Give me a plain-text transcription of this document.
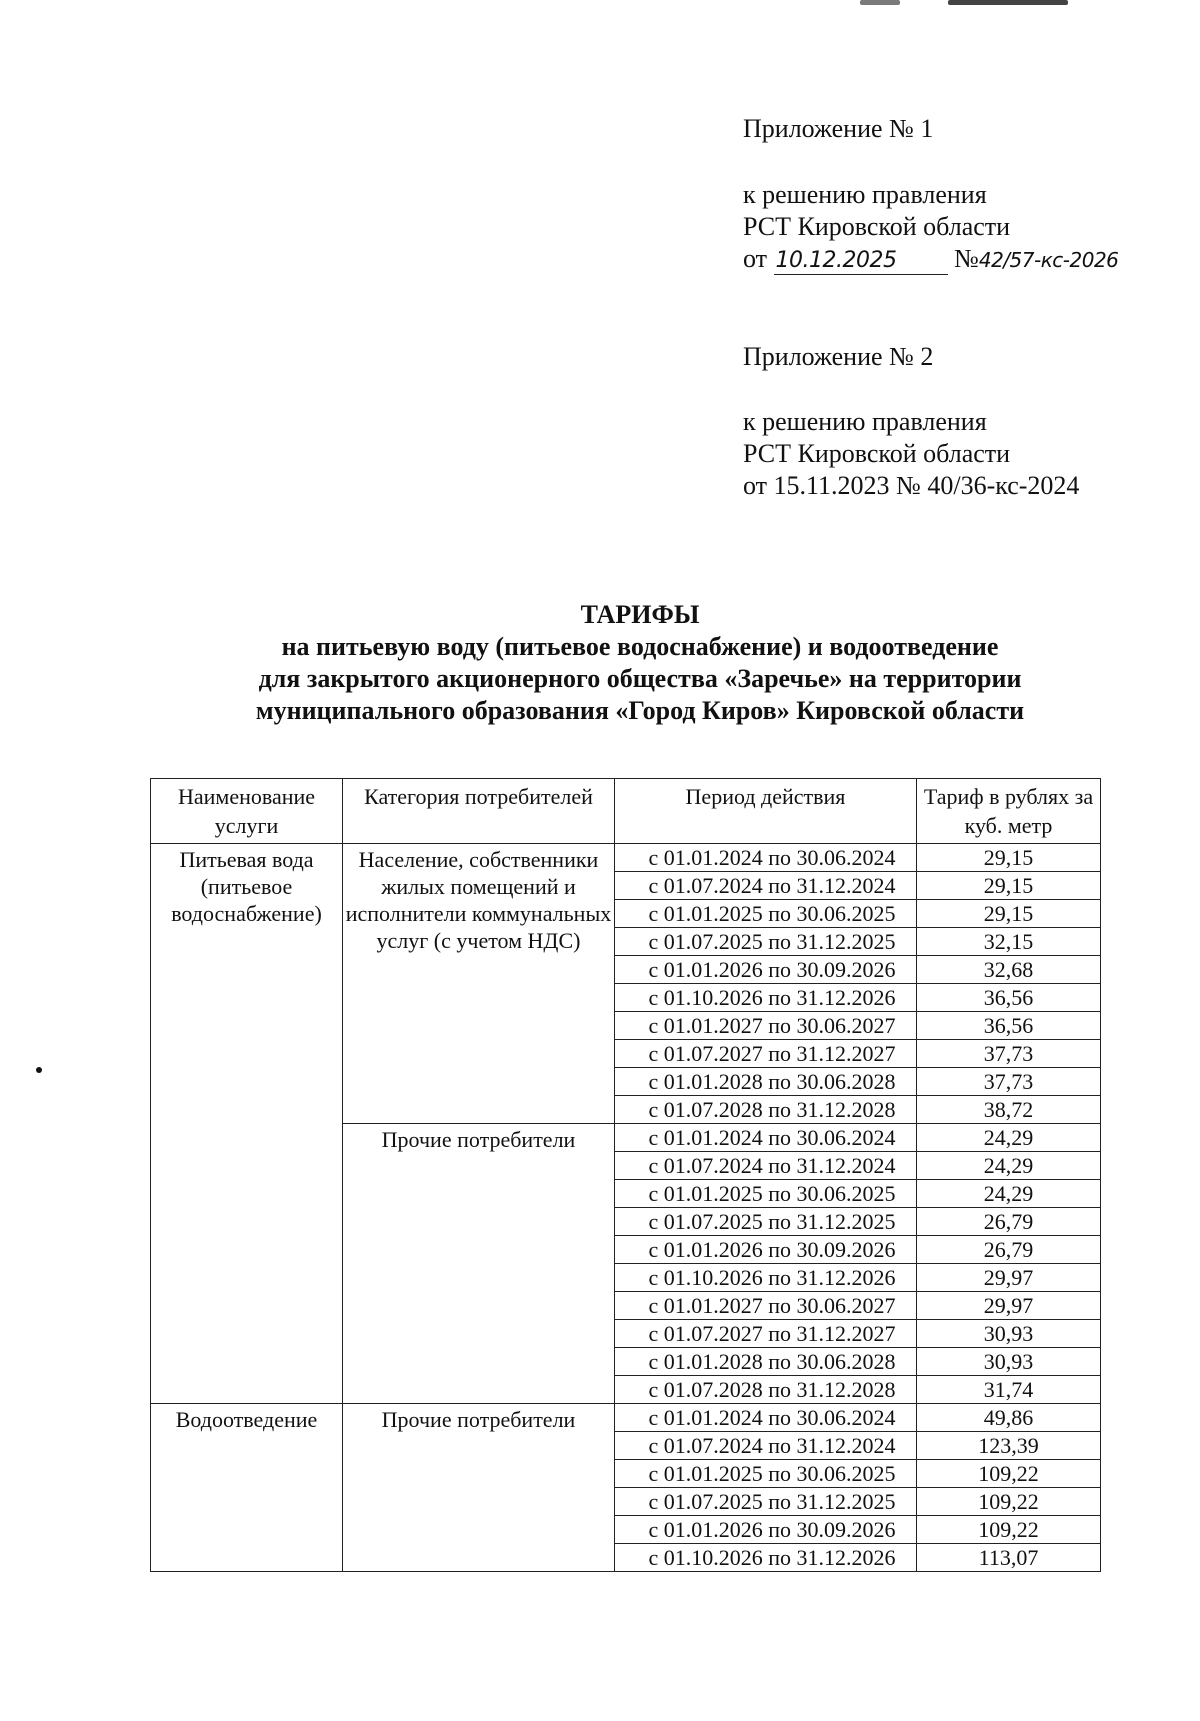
Приложение № 1

к решению правления

РСТ Кировской области

от 10.12.2025 №42/57-кс-2026

Приложение № 2

к решению правления

РСТ Кировской области

от 15.11.2023 № 40/36-кс-2024

ТАРИФЫ

на питьевую воду (питьевое водоснабжение) и водоотведение

для закрытого акционерного общества «Заречье» на территории

муниципального образования «Город Киров» Кировской области

Наименование услуги	Категория потребителей	Период действия	Тариф в рублях за куб. метр
Питьевая вода (питьевое водоснабжение)	Население, собственники жилых помещений и исполнители коммунальных услуг (с учетом НДС)	с 01.01.2024 по 30.06.2024	29,15
		с 01.07.2024 по 31.12.2024	29,15
		с 01.01.2025 по 30.06.2025	29,15
		с 01.07.2025 по 31.12.2025	32,15
		с 01.01.2026 по 30.09.2026	32,68
		с 01.10.2026 по 31.12.2026	36,56
		с 01.01.2027 по 30.06.2027	36,56
		с 01.07.2027 по 31.12.2027	37,73
		с 01.01.2028 по 30.06.2028	37,73
		с 01.07.2028 по 31.12.2028	38,72
	Прочие потребители	с 01.01.2024 по 30.06.2024	24,29
		с 01.07.2024 по 31.12.2024	24,29
		с 01.01.2025 по 30.06.2025	24,29
		с 01.07.2025 по 31.12.2025	26,79
		с 01.01.2026 по 30.09.2026	26,79
		с 01.10.2026 по 31.12.2026	29,97
		с 01.01.2027 по 30.06.2027	29,97
		с 01.07.2027 по 31.12.2027	30,93
		с 01.01.2028 по 30.06.2028	30,93
		с 01.07.2028 по 31.12.2028	31,74
Водоотведение	Прочие потребители	с 01.01.2024 по 30.06.2024	49,86
		с 01.07.2024 по 31.12.2024	123,39
		с 01.01.2025 по 30.06.2025	109,22
		с 01.07.2025 по 31.12.2025	109,22
		с 01.01.2026 по 30.09.2026	109,22
		с 01.10.2026 по 31.12.2026	113,07
